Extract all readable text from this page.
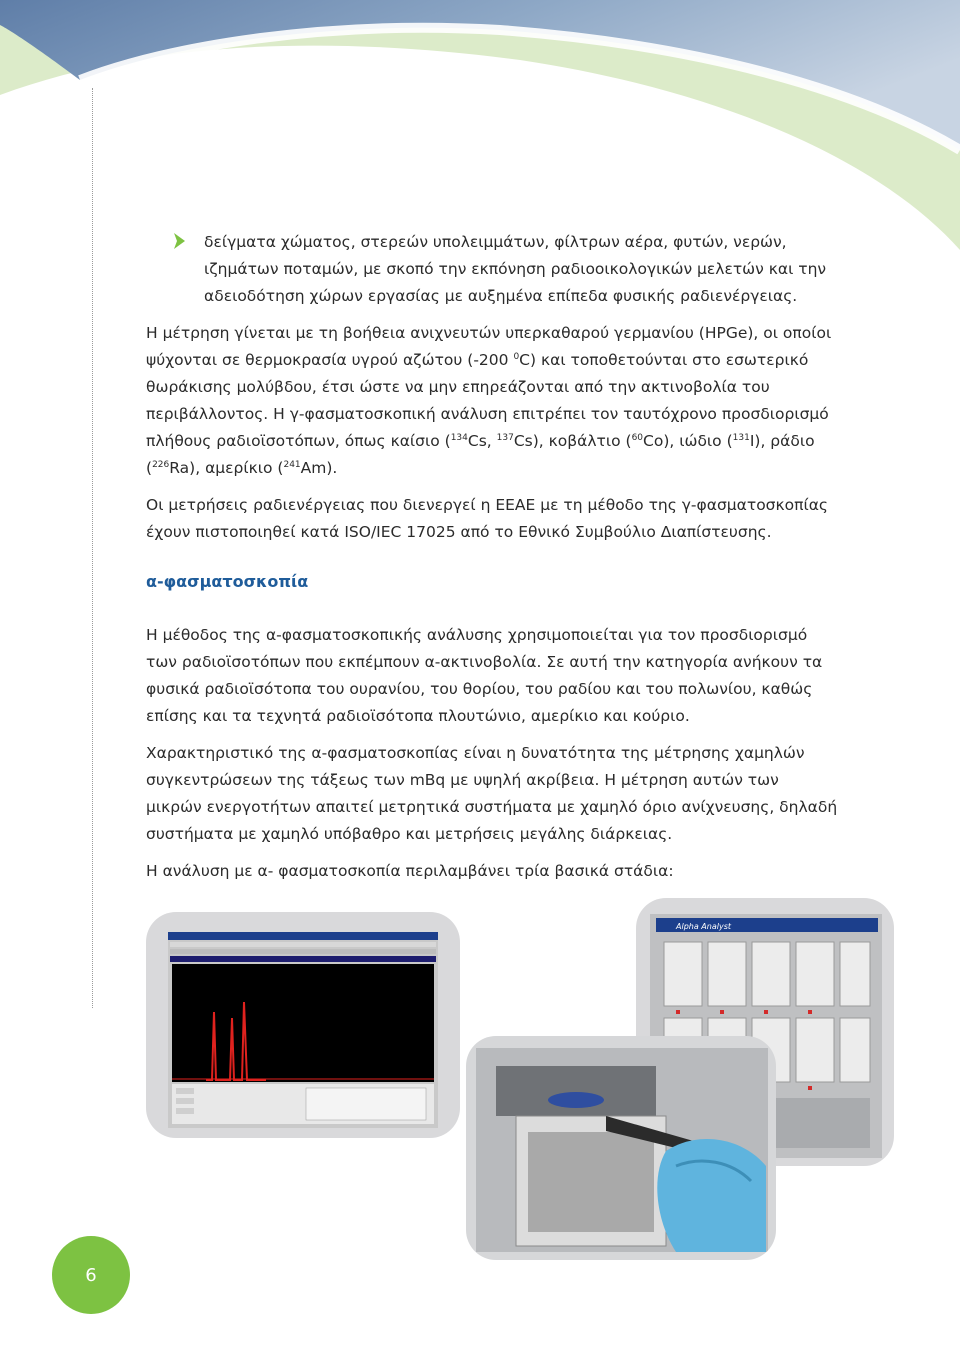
δείγματα χώματος, στερεών υπολειμμάτων, φίλτρων αέρα, φυτών, νερών,
ιζημάτων ποταμών, με σκοπό την εκπόνηση ραδιοοικολογικών μελετών και την
αδειοδότηση χώρων εργασίας με αυξημένα επίπεδα φυσικής ραδιενέργειας.
Η μέτρηση γίνεται με τη βοήθεια ανιχνευτών υπερκαθαρού γερμανίου (HPGe), οι οποίοι
ψύχονται σε θερμοκρασία υγρού αζώτου (-200 $^0$C) και τοποθετούνται στο εσωτερικό
θωράκισης μολύβδου, έτσι ώστε να μην επηρεάζονται από την ακτινοβολία του
περιβάλλοντος. Η γ-φασματοσκοπική ανάλυση επιτρέπει τον ταυτόχρονο προσδιορισμό
πλήθους ραδιοϊσοτόπων, όπως καίσιο ($^{134}$Cs, $^{137}$Cs), κοβάλτιο ($^{60}$Co), ιώδιο ($^{131}$I), ράδιο
($^{226}$Ra), αμερίκιο ($^{241}$Am).
Οι μετρήσεις ραδιενέργειας που διενεργεί η ΕΕΑΕ με τη μέθοδο της γ-φασματοσκοπίας
έχουν πιστοποιηθεί κατά ISO/IEC 17025 από το Εθνικό Συμβούλιο Διαπίστευσης.
α-φασματοσκοπία
Η μέθοδος της α-φασματοσκοπικής ανάλυσης χρησιμοποιείται για τον προσδιορισμό
των ραδιοϊσοτόπων που εκπέμπουν α-ακτινοβολία. Σε αυτή την κατηγορία ανήκουν τα
φυσικά ραδιοϊσότοπα του ουρανίου, του θορίου, του ραδίου και του πολωνίου, καθώς
επίσης και τα τεχνητά ραδιοϊσότοπα πλουτώνιο, αμερίκιο και κούριο.
Χαρακτηριστικό της α-φασματοσκοπίας είναι η δυνατότητα της μέτρησης χαμηλών
συγκεντρώσεων της τάξεως των mBq με υψηλή ακρίβεια. Η μέτρηση αυτών των
μικρών ενεργοτήτων απαιτεί μετρητικά συστήματα με χαμηλό όριο ανίχνευσης, δηλαδή
συστήματα με χαμηλό υπόβαθρο και μετρήσεις μεγάλης διάρκειας.
Η ανάλυση με α- φασματοσκοπία περιλαμβάνει τρία βασικά στάδια:
Alpha Analyst
6
